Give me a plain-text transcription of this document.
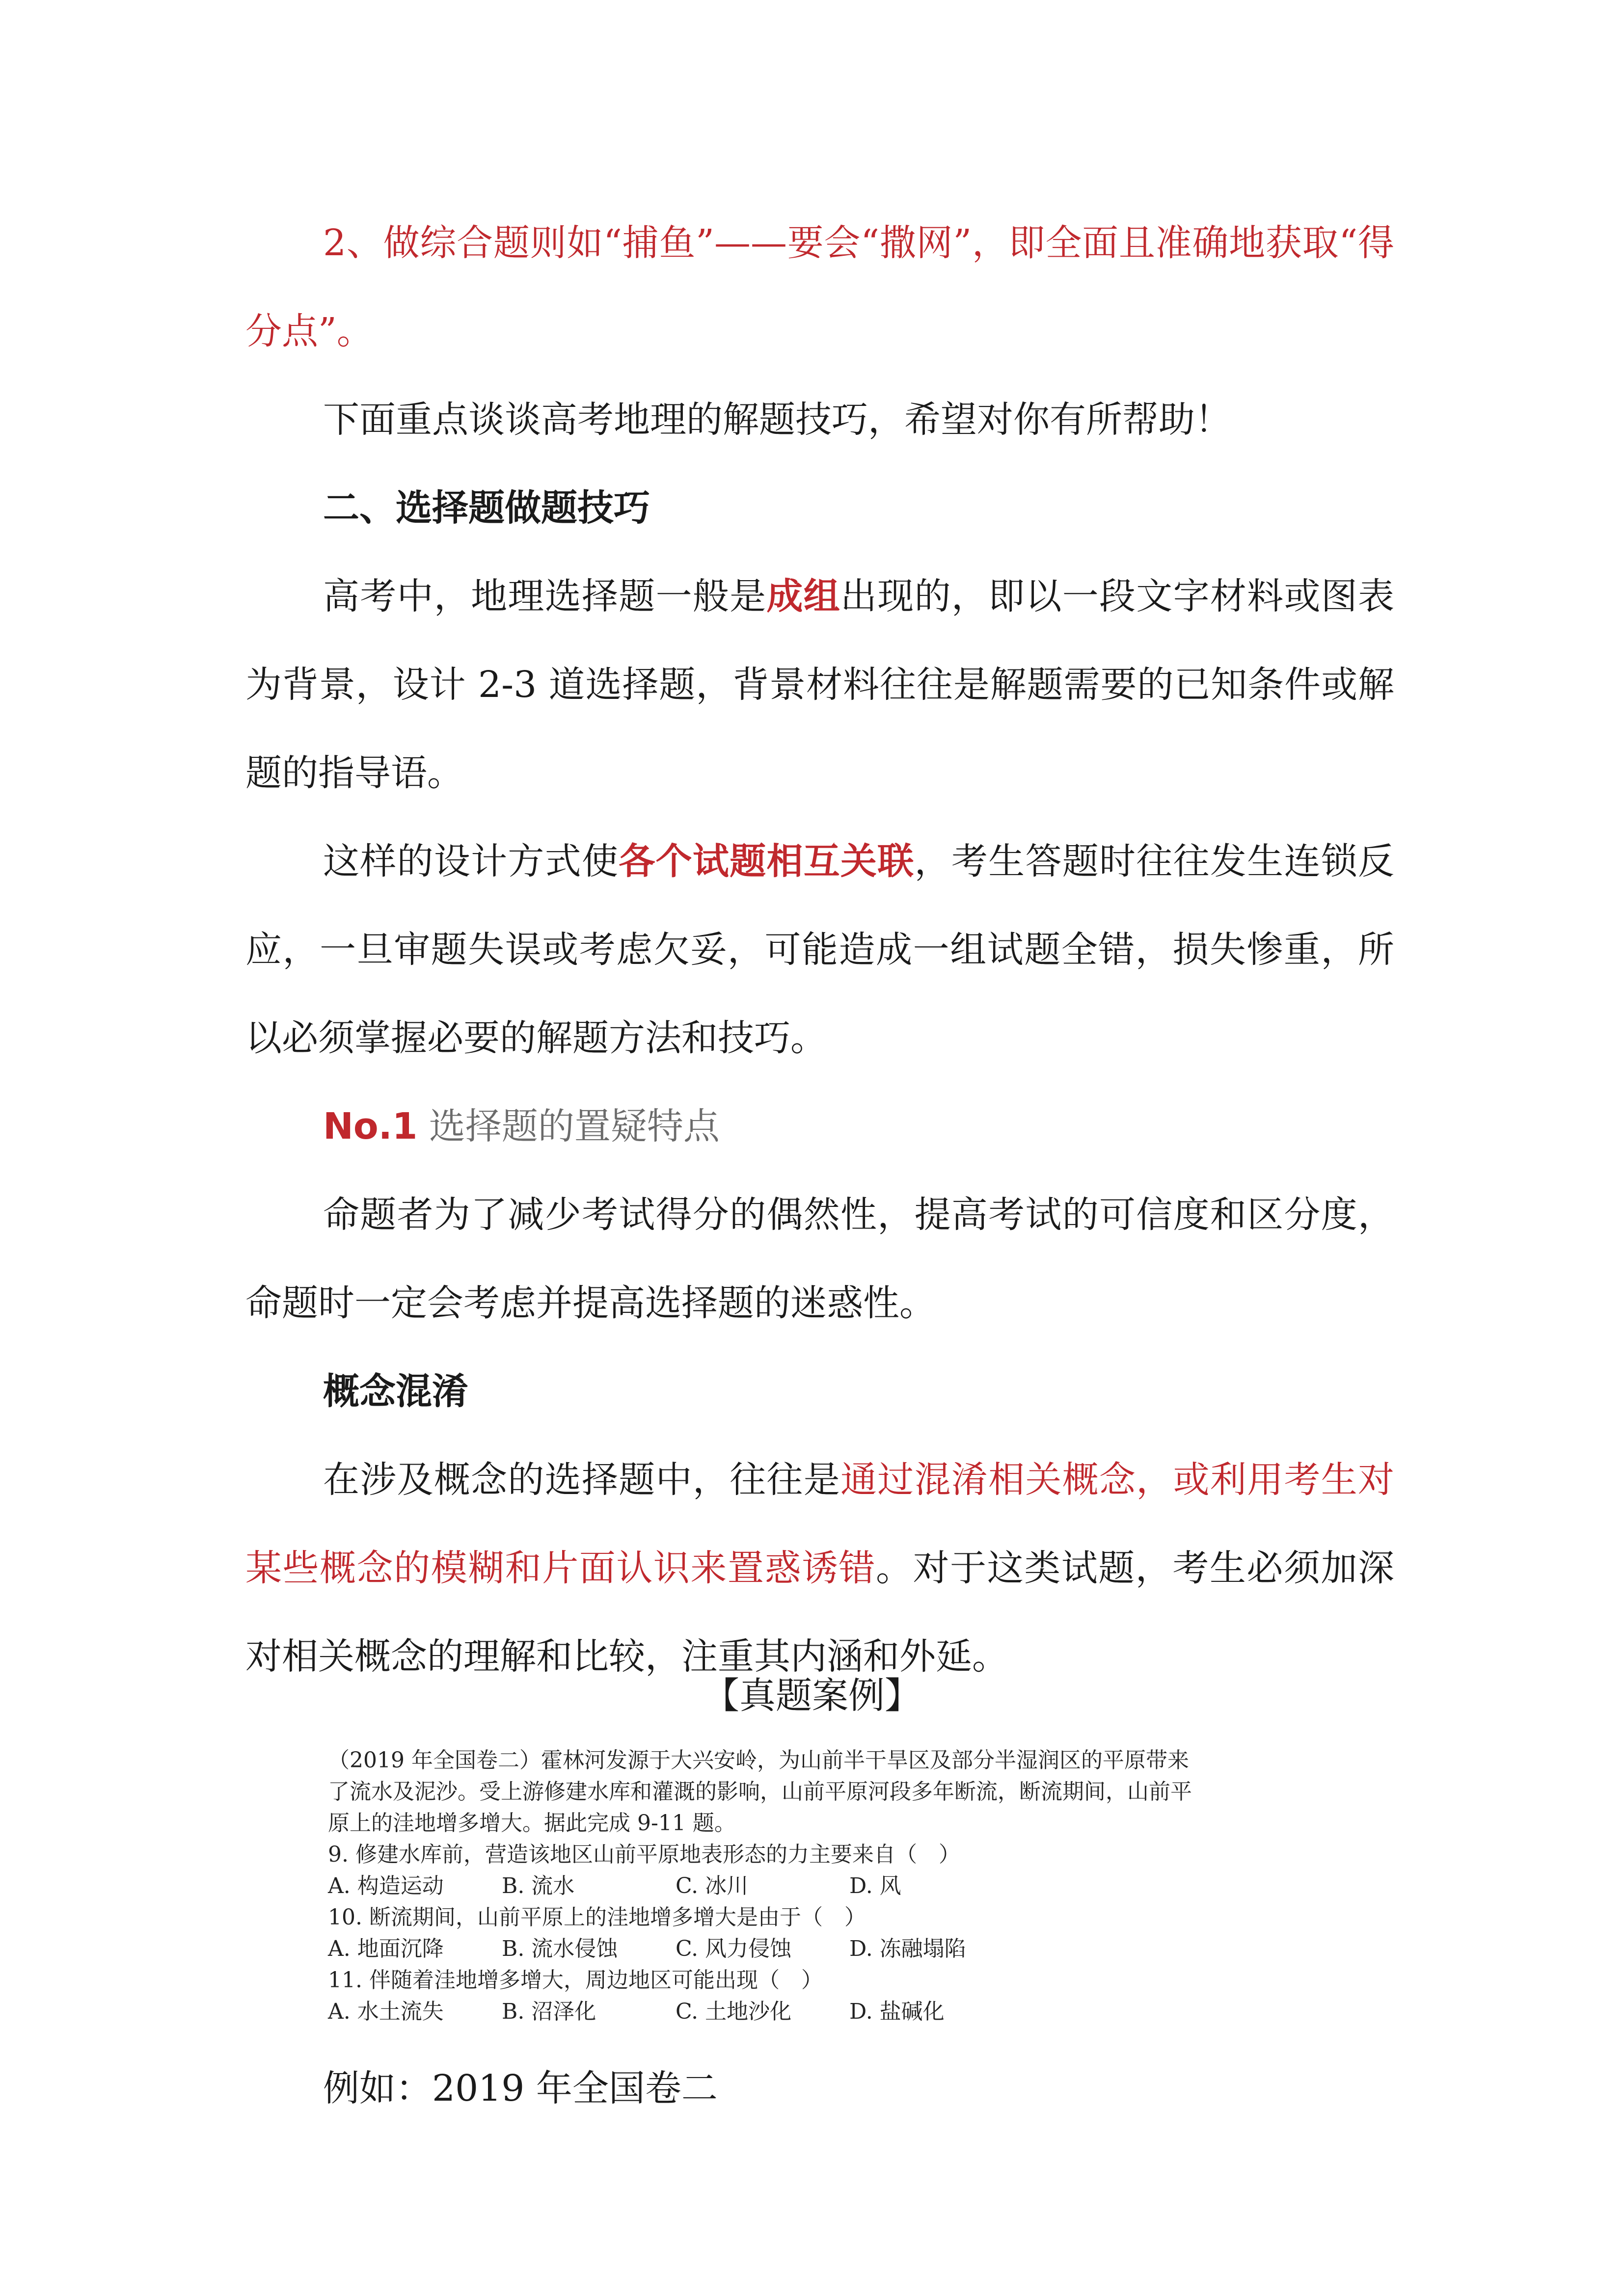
2、做综合题则如“捕鱼”——要会“撒网”，即全面且准确地获取“得分点”。

下面重点谈谈高考地理的解题技巧，希望对你有所帮助！

二、选择题做题技巧

高考中，地理选择题一般是成组出现的，即以一段文字材料或图表为背景，设计 2-3 道选择题，背景材料往往是解题需要的已知条件或解题的指导语。

这样的设计方式使各个试题相互关联，考生答题时往往发生连锁反应，一旦审题失误或考虑欠妥，可能造成一组试题全错，损失惨重，所以必须掌握必要的解题方法和技巧。

No.1 选择题的置疑特点

命题者为了减少考试得分的偶然性，提高考试的可信度和区分度，命题时一定会考虑并提高选择题的迷惑性。

概念混淆

在涉及概念的选择题中，往往是通过混淆相关概念，或利用考生对某些概念的模糊和片面认识来置惑诱错。对于这类试题，考生必须加深对相关概念的理解和比较，注重其内涵和外延。

【真题案例】

（2019 年全国卷二）霍林河发源于大兴安岭，为山前半干旱区及部分半湿润区的平原带来了流水及泥沙。受上游修建水库和灌溉的影响，山前平原河段多年断流，断流期间，山前平原上的洼地增多增大。据此完成 9-11 题。

9. 修建水库前，营造该地区山前平原地表形态的力主要来自（　）

A. 构造运动	B. 流水	C. 冰川	D. 风

10. 断流期间，山前平原上的洼地增多增大是由于（　）

A. 地面沉降	B. 流水侵蚀	C. 风力侵蚀	D. 冻融塌陷

11. 伴随着洼地增多增大，周边地区可能出现（　）

A. 水土流失	B. 沼泽化	C. 土地沙化	D. 盐碱化
例如：2019 年全国卷二
